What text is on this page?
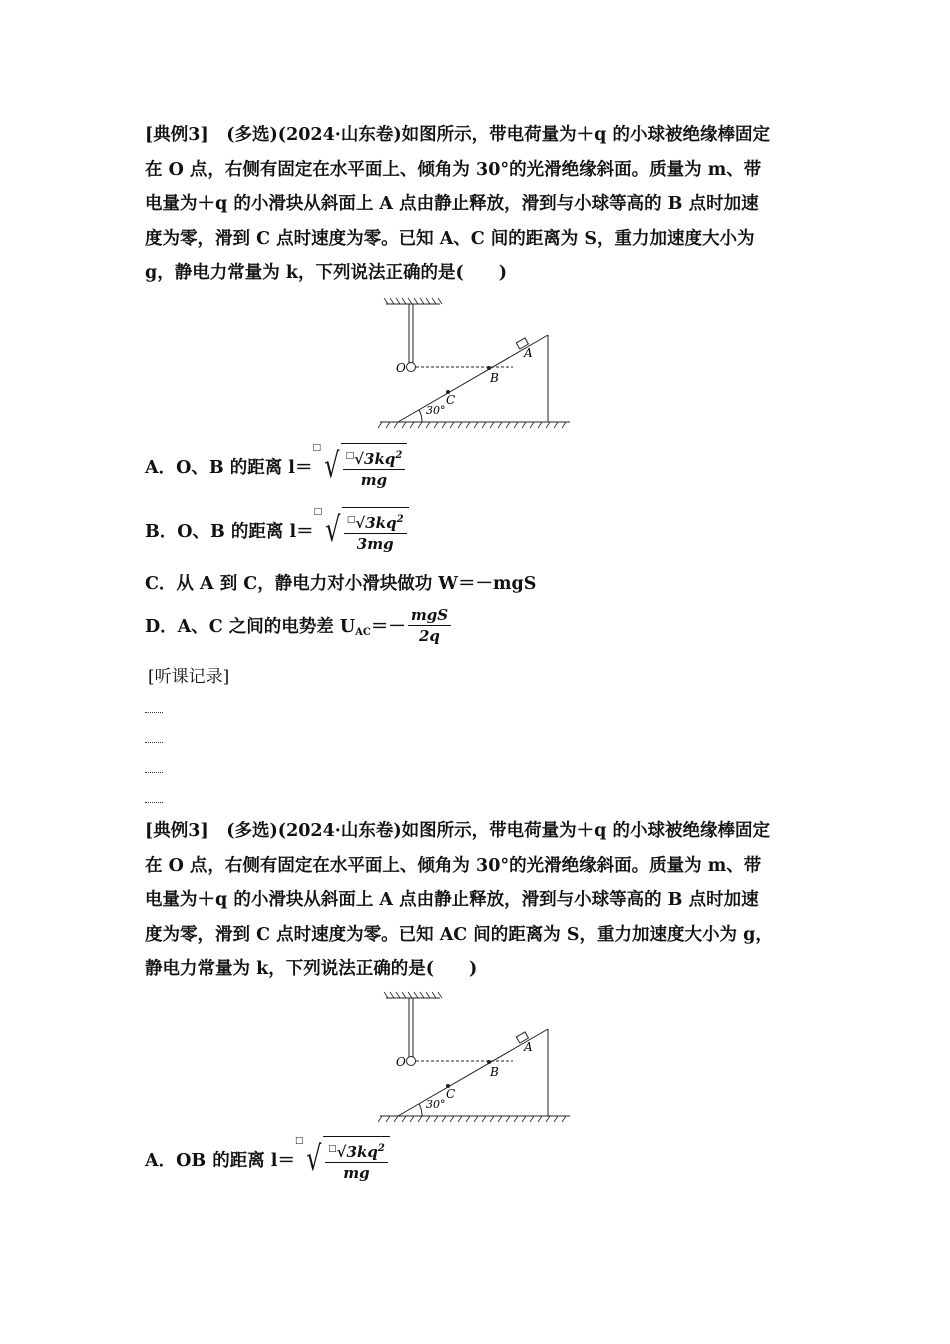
[典例3]　(多选)(2024·山东卷)如图所示，带电荷量为＋q 的小球被绝缘棒固定
在 O 点，右侧有固定在水平面上、倾角为 30°的光滑绝缘斜面。质量为 m、带
电量为＋q 的小滑块从斜面上 A 点由静止释放，滑到与小球等高的 B 点时加速
度为零，滑到 C 点时速度为零。已知 A、C 间的距离为 S，重力加速度大小为
g，静电力常量为 k，下列说法正确的是(　　)
O
A
B
C
30°
A．O、B 的距离 l＝
□ √ $\frac{^□√3kq^2}{mg}$
B．O、B 的距离 l＝
□ √ $\frac{^□√3kq^2}{3mg}$
C．从 A 到 C，静电力对小滑块做功 W＝－mgS
D．A、C 之间的电势差 U AC ＝－ $\frac{\text{mgS}}{2q}$
[听课记录]
[典例3]　(多选)(2024·山东卷)如图所示，带电荷量为＋q 的小球被绝缘棒固定
在 O 点，右侧有固定在水平面上、倾角为 30°的光滑绝缘斜面。质量为 m、带
电量为＋q 的小滑块从斜面上 A 点由静止释放，滑到与小球等高的 B 点时加速
度为零，滑到 C 点时速度为零。已知 AC 间的距离为 S，重力加速度大小为 g，
静电力常量为 k，下列说法正确的是(　　)
O
A
B
C
30°
A．OB 的距离 l＝
□ √ $\frac{^□√3kq^2}{mg}$
